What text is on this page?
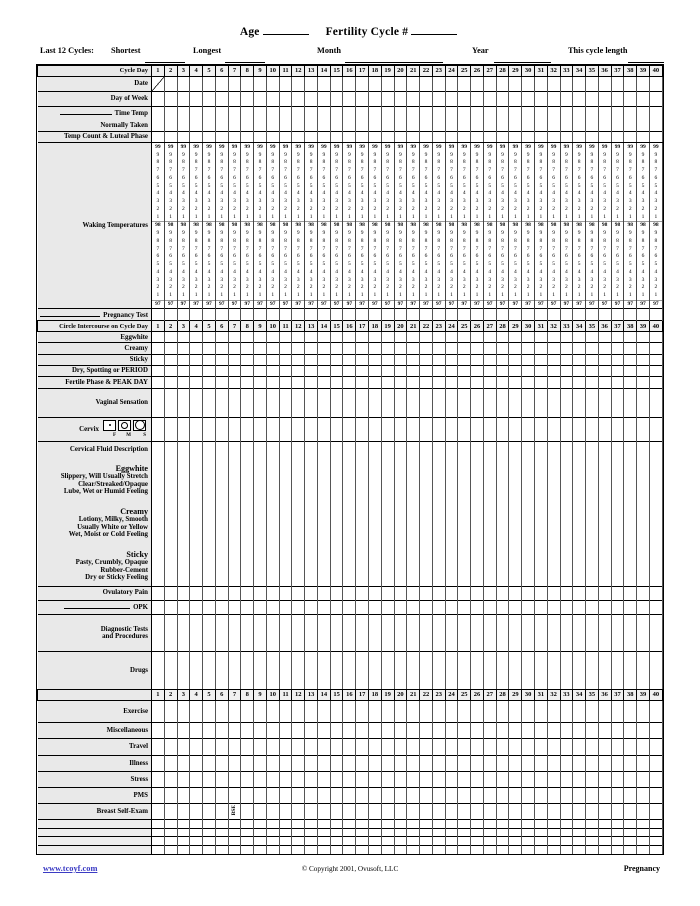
Age	Fertility Cycle #
Last 12 Cycles: Shortest	Longest	Month	Year	This cycle length
Cycle Day	1	2	3	4	5	6	7	8	9	10	11	12	13	14	15	16	17	18	19	20	21	22	23	24	25	26	27	28	29	30	31	32	33	34	35	36	37	38	39	40
Date																																								
Day of Week																																								
Time Temp																																								
Normally Taken																																								
Temp Count & Luteal Phase																																								
	99	99	99	99	99	99	99	99	99	99	99	99	99	99	99	99	99	99	99	99	99	99	99	99	99	99	99	99	99	99	99	99	99	99	99	99	99	99	99	99
	9	9	9	9	9	9	9	9	9	9	9	9	9	9	9	9	9	9	9	9	9	9	9	9	9	9	9	9	9	9	9	9	9	9	9	9	9	9	9	9
	8	8	8	8	8	8	8	8	8	8	8	8	8	8	8	8	8	8	8	8	8	8	8	8	8	8	8	8	8	8	8	8	8	8	8	8	8	8	8	8
	7	7	7	7	7	7	7	7	7	7	7	7	7	7	7	7	7	7	7	7	7	7	7	7	7	7	7	7	7	7	7	7	7	7	7	7	7	7	7	7
	6	6	6	6	6	6	6	6	6	6	6	6	6	6	6	6	6	6	6	6	6	6	6	6	6	6	6	6	6	6	6	6	6	6	6	6	6	6	6	6
	5	5	5	5	5	5	5	5	5	5	5	5	5	5	5	5	5	5	5	5	5	5	5	5	5	5	5	5	5	5	5	5	5	5	5	5	5	5	5	5
	4	4	4	4	4	4	4	4	4	4	4	4	4	4	4	4	4	4	4	4	4	4	4	4	4	4	4	4	4	4	4	4	4	4	4	4	4	4	4	4
	3	3	3	3	3	3	3	3	3	3	3	3	3	3	3	3	3	3	3	3	3	3	3	3	3	3	3	3	3	3	3	3	3	3	3	3	3	3	3	3
	2	2	2	2	2	2	2	2	2	2	2	2	2	2	2	2	2	2	2	2	2	2	2	2	2	2	2	2	2	2	2	2	2	2	2	2	2	2	2	2
	1	1	1	1	1	1	1	1	1	1	1	1	1	1	1	1	1	1	1	1	1	1	1	1	1	1	1	1	1	1	1	1	1	1	1	1	1	1	1	1
Waking Temperatures	98	98	98	98	98	98	98	98	98	98	98	98	98	98	98	98	98	98	98	98	98	98	98	98	98	98	98	98	98	98	98	98	98	98	98	98	98	98	98	98
	9	9	9	9	9	9	9	9	9	9	9	9	9	9	9	9	9	9	9	9	9	9	9	9	9	9	9	9	9	9	9	9	9	9	9	9	9	9	9	9
	8	8	8	8	8	8	8	8	8	8	8	8	8	8	8	8	8	8	8	8	8	8	8	8	8	8	8	8	8	8	8	8	8	8	8	8	8	8	8	8
	7	7	7	7	7	7	7	7	7	7	7	7	7	7	7	7	7	7	7	7	7	7	7	7	7	7	7	7	7	7	7	7	7	7	7	7	7	7	7	7
	6	6	6	6	6	6	6	6	6	6	6	6	6	6	6	6	6	6	6	6	6	6	6	6	6	6	6	6	6	6	6	6	6	6	6	6	6	6	6	6
	5	5	5	5	5	5	5	5	5	5	5	5	5	5	5	5	5	5	5	5	5	5	5	5	5	5	5	5	5	5	5	5	5	5	5	5	5	5	5	5
	4	4	4	4	4	4	4	4	4	4	4	4	4	4	4	4	4	4	4	4	4	4	4	4	4	4	4	4	4	4	4	4	4	4	4	4	4	4	4	4
	3	3	3	3	3	3	3	3	3	3	3	3	3	3	3	3	3	3	3	3	3	3	3	3	3	3	3	3	3	3	3	3	3	3	3	3	3	3	3	3
	2	2	2	2	2	2	2	2	2	2	2	2	2	2	2	2	2	2	2	2	2	2	2	2	2	2	2	2	2	2	2	2	2	2	2	2	2	2	2	2
	1	1	1	1	1	1	1	1	1	1	1	1	1	1	1	1	1	1	1	1	1	1	1	1	1	1	1	1	1	1	1	1	1	1	1	1	1	1	1	1
	97	97	97	97	97	97	97	97	97	97	97	97	97	97	97	97	97	97	97	97	97	97	97	97	97	97	97	97	97	97	97	97	97	97	97	97	97	97	97	97
Pregnancy Test																																								
Circle Intercourse on Cycle Day	1	2	3	4	5	6	7	8	9	10	11	12	13	14	15	16	17	18	19	20	21	22	23	24	25	26	27	28	29	30	31	32	33	34	35	36	37	38	39	40
Eggwhite																																								
Creamy																																								
Sticky																																								
Dry, Spotting or PERIOD																																								
Fertile Phase & PEAK DAY																																								
Vaginal Sensation																																								
Cervix
F M S																																								

Cervical Fluid Description																																								

Eggwhite
Slippery, Will Usually Stretch
Clear/Streaked/Opaque
Lube, Wet or Humid Feeling																																								

Creamy
Lotiony, Milky, Smooth
Usually White or Yellow
Wet, Moist or Cold Feeling																																								

Sticky
Pasty, Crumbly, Opaque
Rubber-Cement
Dry or Sticky Feeling																																								

Ovulatory Pain																																								
OPK																																								

Diagnostic Tests
and Procedures																																								

Drugs																																								
	1	2	3	4	5	6	7	8	9	10	11	12	13	14	15	16	17	18	19	20	21	22	23	24	25	26	27	28	29	30	31	32	33	34	35	36	37	38	39	40
Exercise																																								
Miscellaneous																																								
Travel																																								
Illness																																								
Stress																																								
PMS																																								
Breast Self-Exam							BSE																																	

www.tcoyf.com	© Copyright 2001, Ovusoft, LLC	Pregnancy
